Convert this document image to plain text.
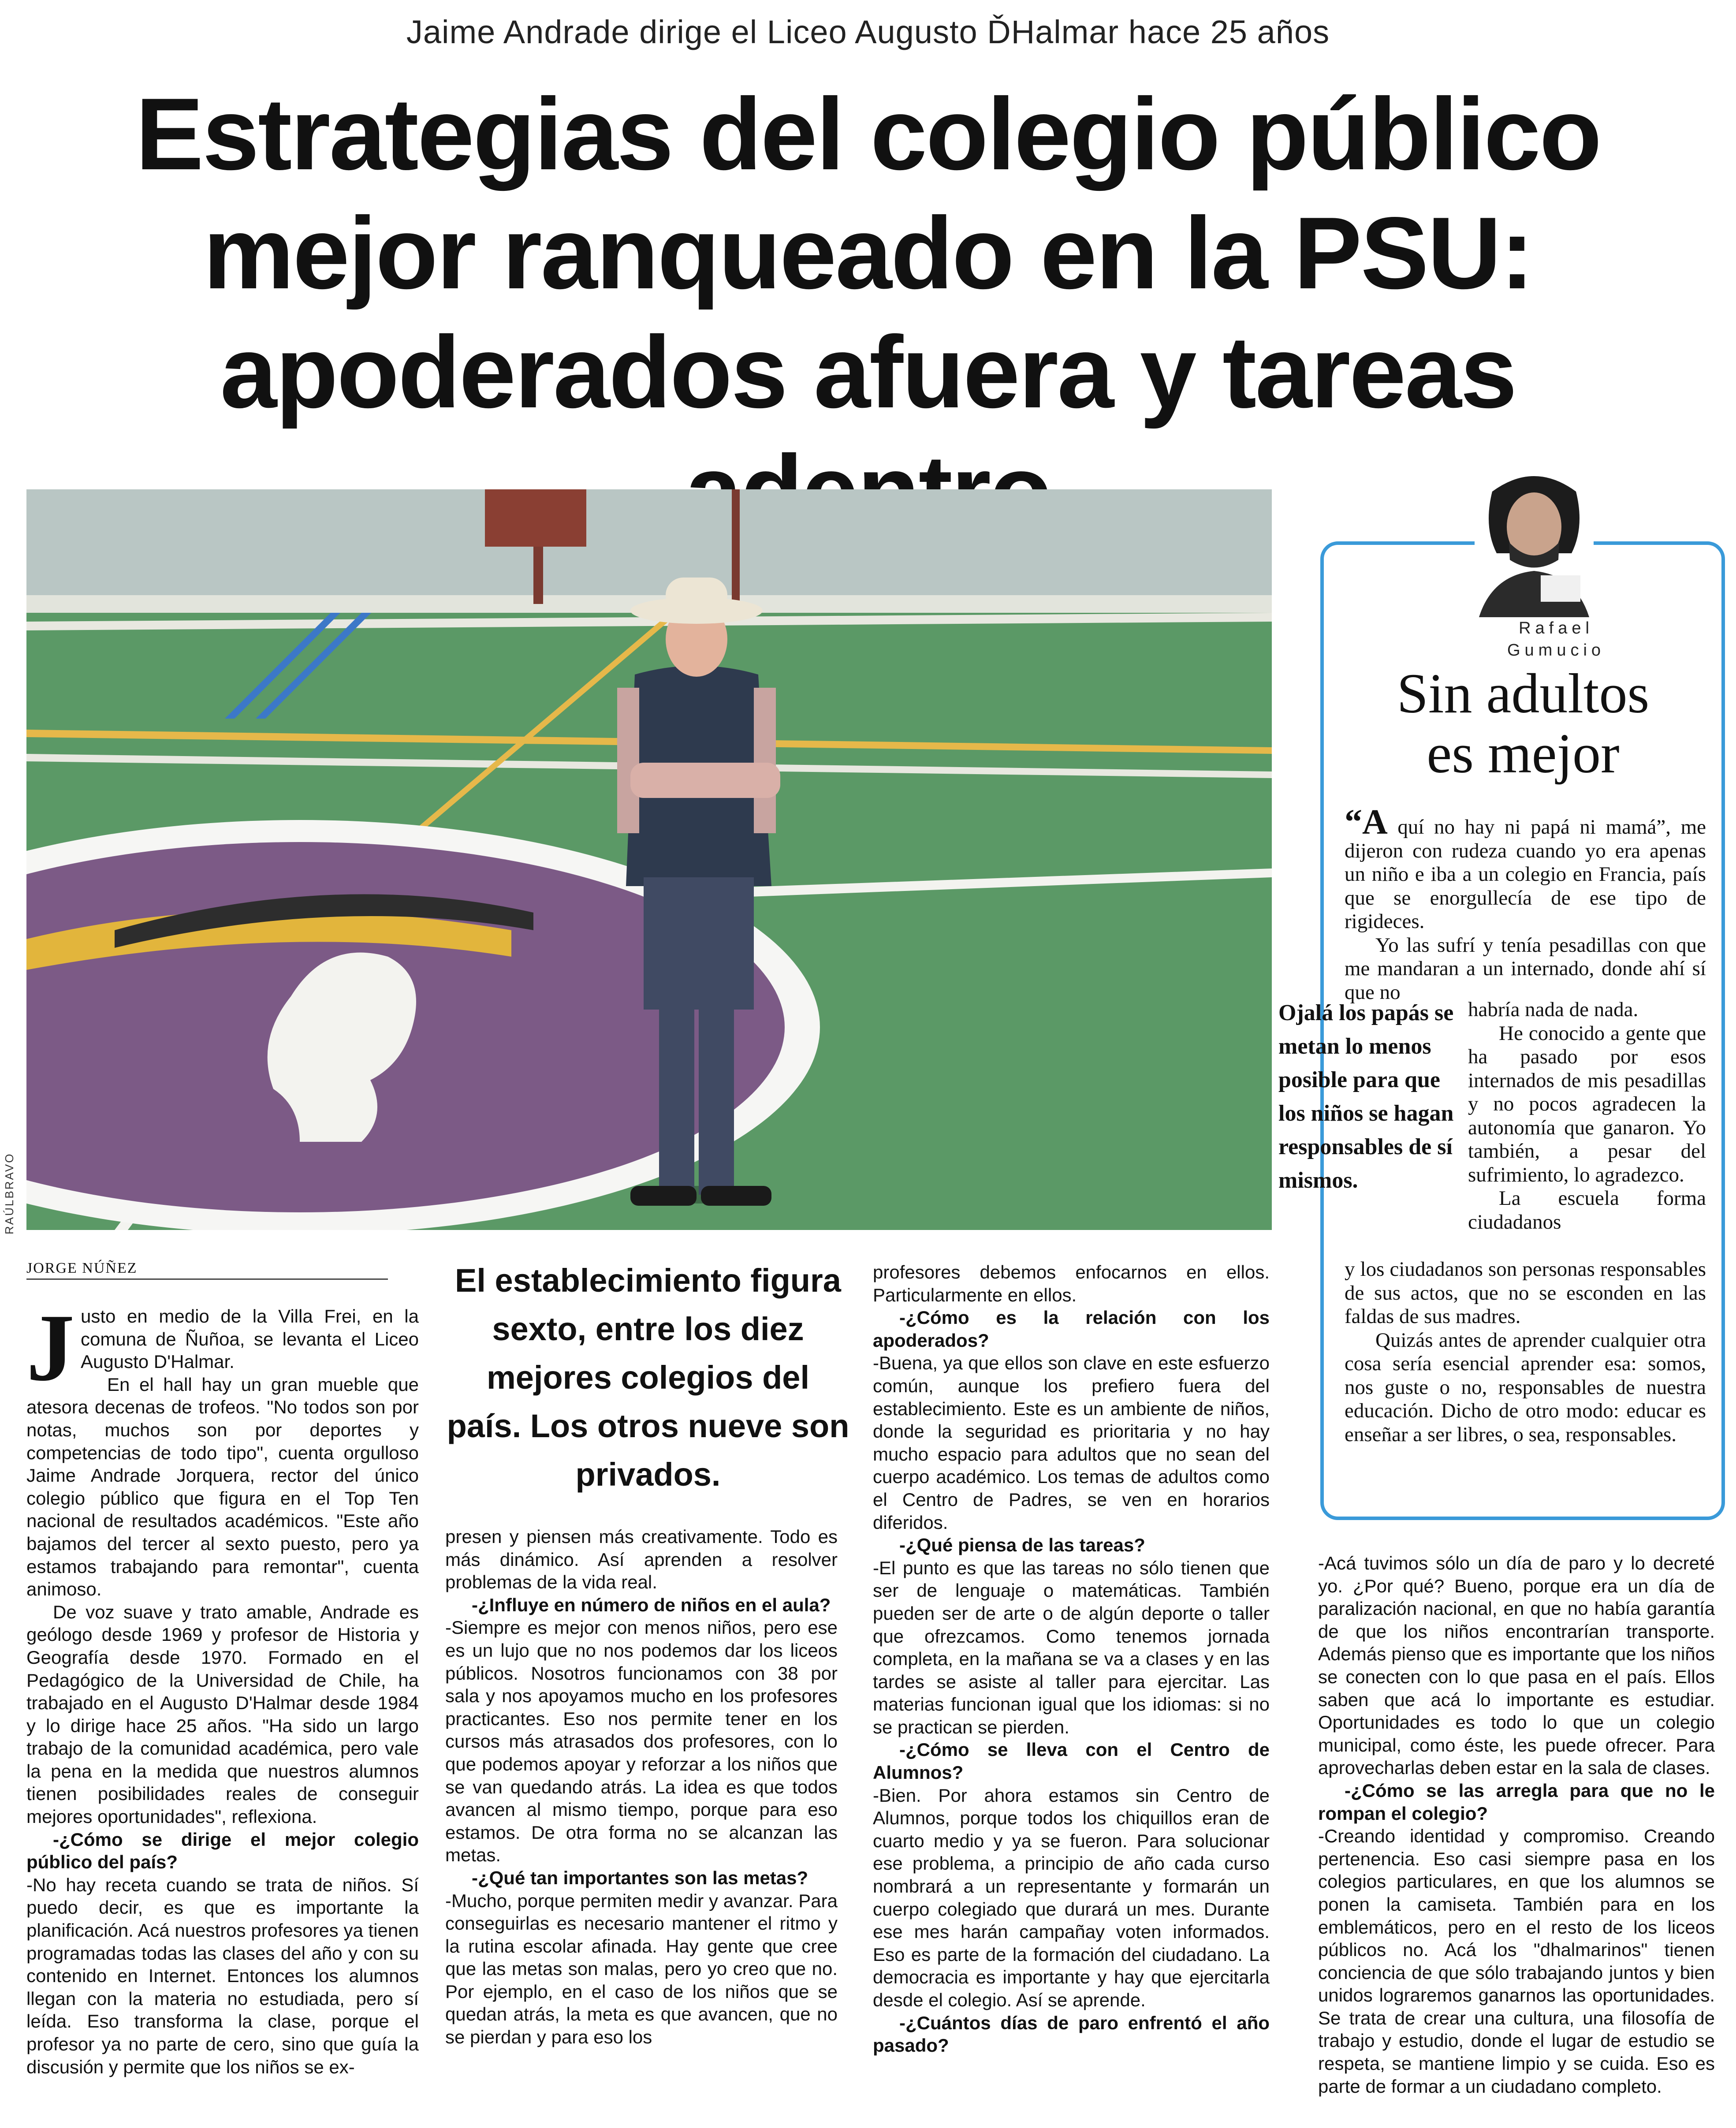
Jaime Andrade dirige el Liceo Augusto ĎHalmar hace 25 años
Estrategias del colegio público
mejor ranqueado en la PSU:
apoderados afuera y tareas
RAÚLBRAVO
Rafael
Gumucio
Sin adultos
es mejor

“A quí no hay ni papá ni mamá”, me dijeron con rudeza cuando yo era apenas un niño e iba a un colegio en Francia, país que se enorgullecía de ese tipo de rigideces.

Yo las sufrí y tenía pesadillas con que me mandaran a un internado, donde ahí sí que no

habría nada de nada.

He conocido a gente que ha pasado por esos internados de mis pesadillas y no pocos agradecen la autonomía que ganaron. Yo también, a pesar del sufrimiento, lo agradezco.

La escuela forma ciudadanos

y los ciudadanos son personas responsables de sus actos, que no se esconden en las faldas de sus madres.

Quizás antes de aprender cualquier otra cosa sería esencial aprender esa: somos, nos guste o no, responsables de nuestra educación. Dicho de otro modo: educar es enseñar a ser libres, o sea, responsables.

Ojalá los papás se metan lo menos posible para que los niños se hagan responsables de sí mismos.
JORGE NÚÑEZ	El establecimiento figura sexto, entre los diez mejores colegios del país. Los otros nueve son privados.

Justo en medio de la Villa Frei, en la comuna de Ñuñoa, se levanta el Liceo Augusto D'Halmar.

En el hall hay un gran mueble que atesora decenas de trofeos. "No todos son por notas, muchos son por deportes y competencias de todo tipo", cuenta orgulloso Jaime Andrade Jorquera, rector del único colegio público que figura en el Top Ten nacional de resultados académicos. "Este año bajamos del tercer al sexto puesto, pero ya estamos trabajando para remontar", cuenta animoso.

De voz suave y trato amable, Andrade es geólogo desde 1969 y profesor de Historia y Geografía desde 1970. Formado en el Pedagógico de la Universidad de Chile, ha trabajado en el Augusto D'Halmar desde 1984 y lo dirige hace 25 años. "Ha sido un largo trabajo de la comunidad académica, pero vale la pena en la medida que nuestros alumnos tienen posibilidades reales de conseguir mejores oportunidades", reflexiona.

-¿Cómo se dirige el mejor colegio público del país?

-No hay receta cuando se trata de niños. Sí puedo decir, es que es importante la planificación. Acá nuestros profesores ya tienen programadas todas las clases del año y con su contenido en Internet. Entonces los alumnos llegan con la materia no estudiada, pero sí leída. Eso transforma la clase, porque el profesor ya no parte de cero, sino que guía la discusión y permite que los niños se ex-

presen y piensen más creativamente. Todo es más dinámico. Así aprenden a resolver problemas de la vida real.

-¿Influye en número de niños en el aula?

-Siempre es mejor con menos niños, pero ese es un lujo que no nos podemos dar los liceos públicos. Nosotros funcionamos con 38 por sala y nos apoyamos mucho en los profesores practicantes. Eso nos permite tener en los cursos más atrasados dos profesores, con lo que podemos apoyar y reforzar a los niños que se van quedando atrás. La idea es que todos avancen al mismo tiempo, porque para eso estamos. De otra forma no se alcanzan las metas.

-¿Qué tan importantes son las metas?

-Mucho, porque permiten medir y avanzar. Para conseguirlas es necesario mantener el ritmo y la rutina escolar afinada. Hay gente que cree que las metas son malas, pero yo creo que no. Por ejemplo, en el caso de los niños que se quedan atrás, la meta es que avancen, que no se pierdan y para eso los

profesores debemos enfocarnos en ellos. Particularmente en ellos.

-¿Cómo es la relación con los apoderados?

-Buena, ya que ellos son clave en este esfuerzo común, aunque los prefiero fuera del establecimiento. Este es un ambiente de niños, donde la seguridad es prioritaria y no hay mucho espacio para adultos que no sean del cuerpo académico. Los temas de adultos como el Centro de Padres, se ven en horarios diferidos.

-¿Qué piensa de las tareas?

-El punto es que las tareas no sólo tienen que ser de lenguaje o matemáticas. También pueden ser de arte o de algún deporte o taller que ofrezcamos. Como tenemos jornada completa, en la mañana se va a clases y en las tardes se asiste al taller para ejercitar. Las materias funcionan igual que los idiomas: si no se practican se pierden.

-¿Cómo se lleva con el Centro de Alumnos?

-Bien. Por ahora estamos sin Centro de Alumnos, porque todos los chiquillos eran de cuarto medio y ya se fueron. Para solucionar ese problema, a principio de año cada curso nombrará a un representante y formarán un cuerpo colegiado que durará un mes. Durante ese mes harán campañay voten informados. Eso es parte de la formación del ciudadano. La democracia es importante y hay que ejercitarla desde el colegio. Así se aprende.

-¿Cuántos días de paro enfrentó el año pasado?

-Acá tuvimos sólo un día de paro y lo decreté yo. ¿Por qué? Bueno, porque era un día de paralización nacional, en que no había garantía de que los niños encontrarían transporte. Además pienso que es importante que los niños se conecten con lo que pasa en el país. Ellos saben que acá lo importante es estudiar. Oportunidades es todo lo que un colegio municipal, como éste, les puede ofrecer. Para aprovecharlas deben estar en la sala de clases.

-¿Cómo se las arregla para que no le rompan el colegio?

-Creando identidad y compromiso. Creando pertenencia. Eso casi siempre pasa en los colegios particulares, en que los alumnos se ponen la camiseta. También para en los emblemáticos, pero en el resto de los liceos públicos no. Acá los "dhalmarinos" tienen conciencia de que sólo trabajando juntos y bien unidos lograremos ganarnos las oportunidades. Se trata de crear una cultura, una filosofía de trabajo y estudio, donde el lugar de estudio se respeta, se mantiene limpio y se cuida. Eso es parte de formar a un ciudadano completo.
